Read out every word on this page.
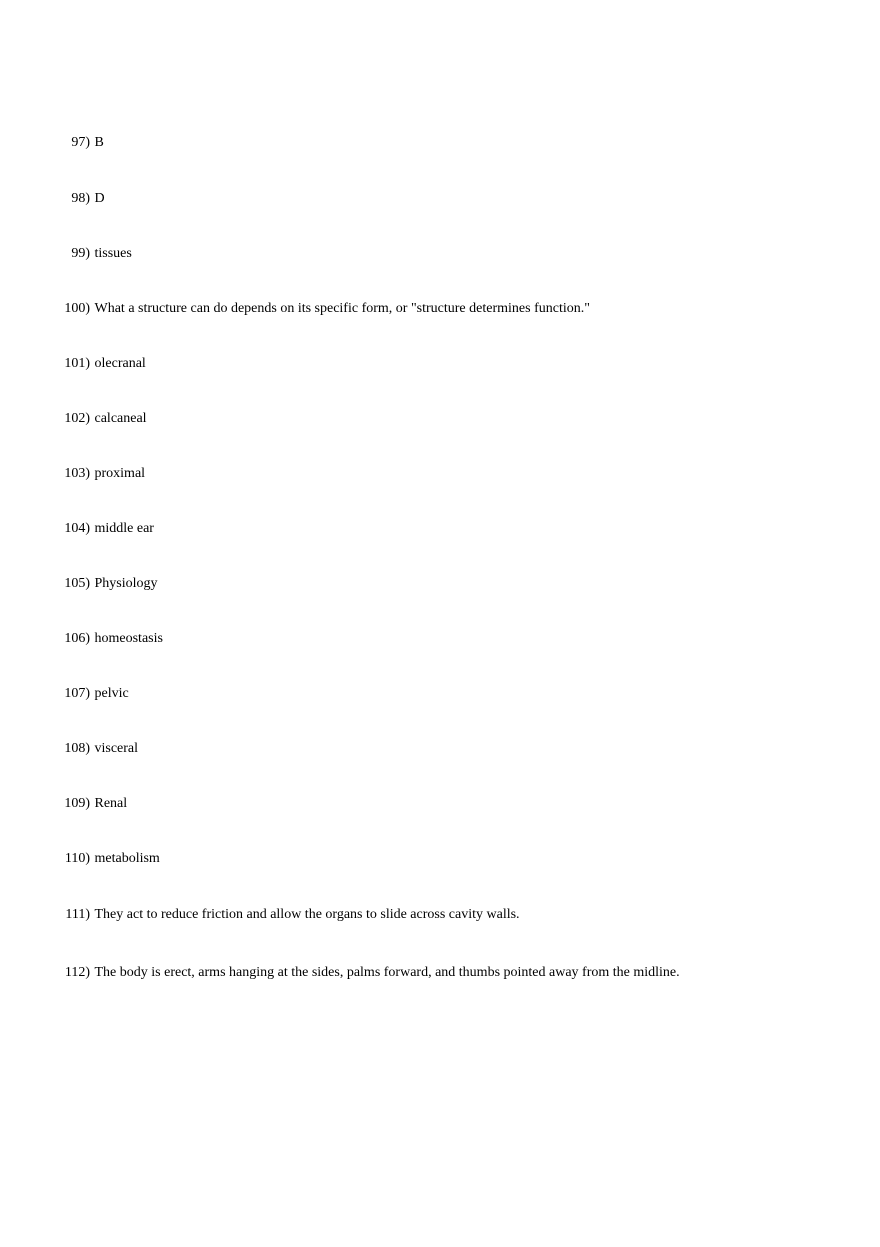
97) B
98) D
99) tissues
100) What a structure can do depends on its specific form, or "structure determines function."
101) olecranal
102) calcaneal
103) proximal
104) middle ear
105) Physiology
106) homeostasis
107) pelvic
108) visceral
109) Renal
110) metabolism
111) They act to reduce friction and allow the organs to slide across cavity walls.
112) The body is erect, arms hanging at the sides, palms forward, and thumbs pointed away from the midline.
